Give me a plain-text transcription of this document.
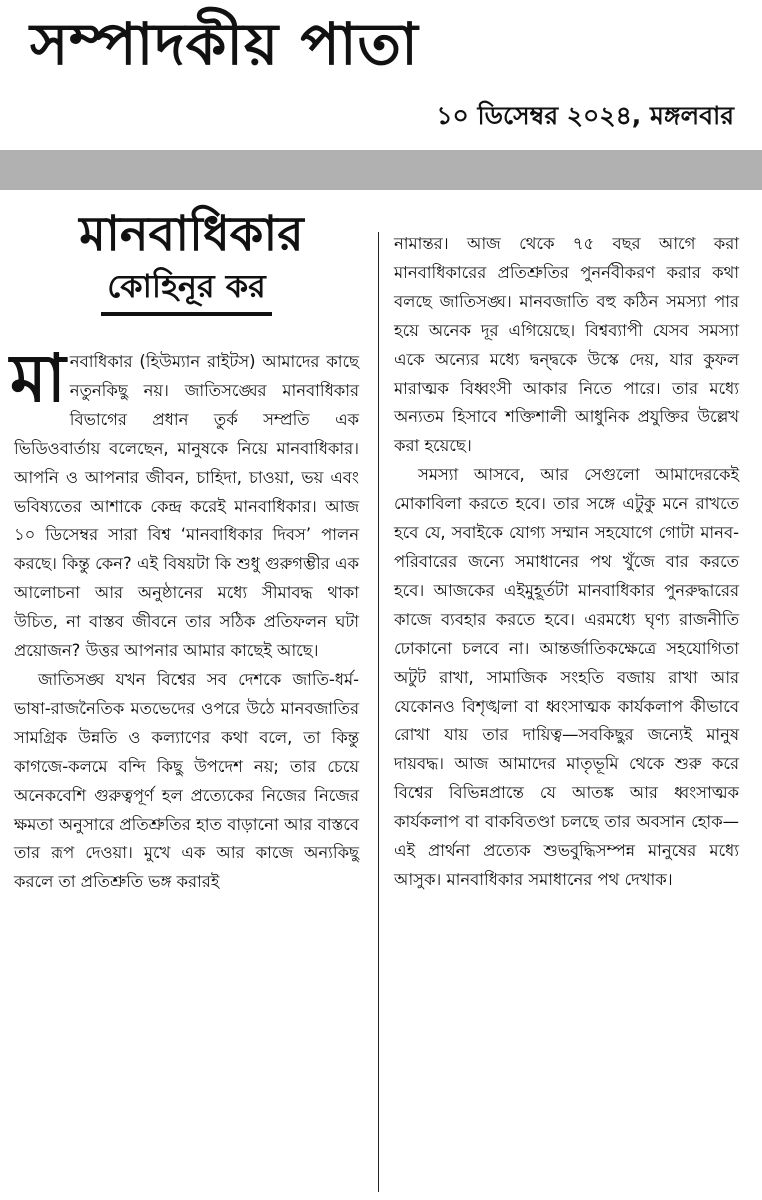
সম্পাদকীয় পাতা
১০ ডিসেম্বর ২০২৪, মঙ্গলবার
মানবাধিকার
কোহিনূর কর

মানবাধিকার (হিউম্যান রাইটস) আমাদের কাছে নতুনকিছু নয়। জাতিসঙ্ঘের মানবাধিকার বিভাগের প্রধান তুর্ক সম্প্রতি এক ভিডিওবার্তায় বলেছেন, মানুষকে নিয়ে মানবাধিকার। আপনি ও আপনার জীবন, চাহিদা, চাওয়া, ভয় এবং ভবিষ্যতের আশাকে কেন্দ্র করেই মানবাধিকার। আজ ১০ ডিসেম্বর সারা বিশ্ব ‘মানবাধিকার দিবস’ পালন করছে। কিন্তু কেন? এই বিষয়টা কি শুধু গুরুগম্ভীর এক আলোচনা আর অনুষ্ঠানের মধ্যে সীমাবদ্ধ থাকা উচিত, না বাস্তব জীবনে তার সঠিক প্রতিফলন ঘটা প্রয়োজন? উত্তর আপনার আমার কাছেই আছে।

জাতিসঙ্ঘ যখন বিশ্বের সব দেশকে জাতি-ধর্ম-ভাষা-রাজনৈতিক মতভেদের ওপরে উঠে মানবজাতির সামগ্রিক উন্নতি ও কল্যাণের কথা বলে, তা কিন্তু কাগজে-কলমে বন্দি কিছু উপদেশ নয়; তার চেয়ে অনেকবেশি গুরুত্বপূর্ণ হল প্রত্যেকের নিজের নিজের ক্ষমতা অনুসারে প্রতিশ্রুতির হাত বাড়ানো আর বাস্তবে তার রূপ দেওয়া। মুখে এক আর কাজে অন্যকিছু করলে তা প্রতিশ্রুতি ভঙ্গ করারই

নামান্তর। আজ থেকে ৭৫ বছর আগে করা মানবাধিকারের প্রতিশ্রুতির পুনর্নবীকরণ করার কথা বলছে জাতিসঙ্ঘ। মানবজাতি বহু কঠিন সমস্যা পার হয়ে অনেক দূর এগিয়েছে। বিশ্বব্যাপী যেসব সমস্যা একে অন্যের মধ্যে দ্বন্দ্বকে উস্কে দেয়, যার কুফল মারাত্মক বিধ্বংসী আকার নিতে পারে। তার মধ্যে অন্যতম হিসাবে শক্তিশালী আধুনিক প্রযুক্তির উল্লেখ করা হয়েছে।

সমস্যা আসবে, আর সেগুলো আমাদেরকেই মোকাবিলা করতে হবে। তার সঙ্গে এটুকু মনে রাখতে হবে যে, সবাইকে যোগ্য সম্মান সহযোগে গোটা মানব-পরিবারের জন্যে সমাধানের পথ খুঁজে বার করতে হবে। আজকের এইমুহূর্তটা মানবাধিকার পুনরুদ্ধারের কাজে ব্যবহার করতে হবে। এরমধ্যে ঘৃণ্য রাজনীতি ঢোকানো চলবে না। আন্তর্জাতিকক্ষেত্রে সহযোগিতা অটুট রাখা, সামাজিক সংহতি বজায় রাখা আর যেকোনও বিশৃঙ্খলা বা ধ্বংসাত্মক কার্যকলাপ কীভাবে রোখা যায় তার দায়িত্ব—সবকিছুর জন্যেই মানুষ দায়বদ্ধ। আজ আমাদের মাতৃভূমি থেকে শুরু করে বিশ্বের বিভিন্নপ্রান্তে যে আতঙ্ক আর ধ্বংসাত্মক কার্যকলাপ বা বাকবিতণ্ডা চলছে তার অবসান হোক—এই প্রার্থনা প্রত্যেক শুভবুদ্ধিসম্পন্ন মানুষের মধ্যে আসুক। মানবাধিকার সমাধানের পথ দেখাক।
